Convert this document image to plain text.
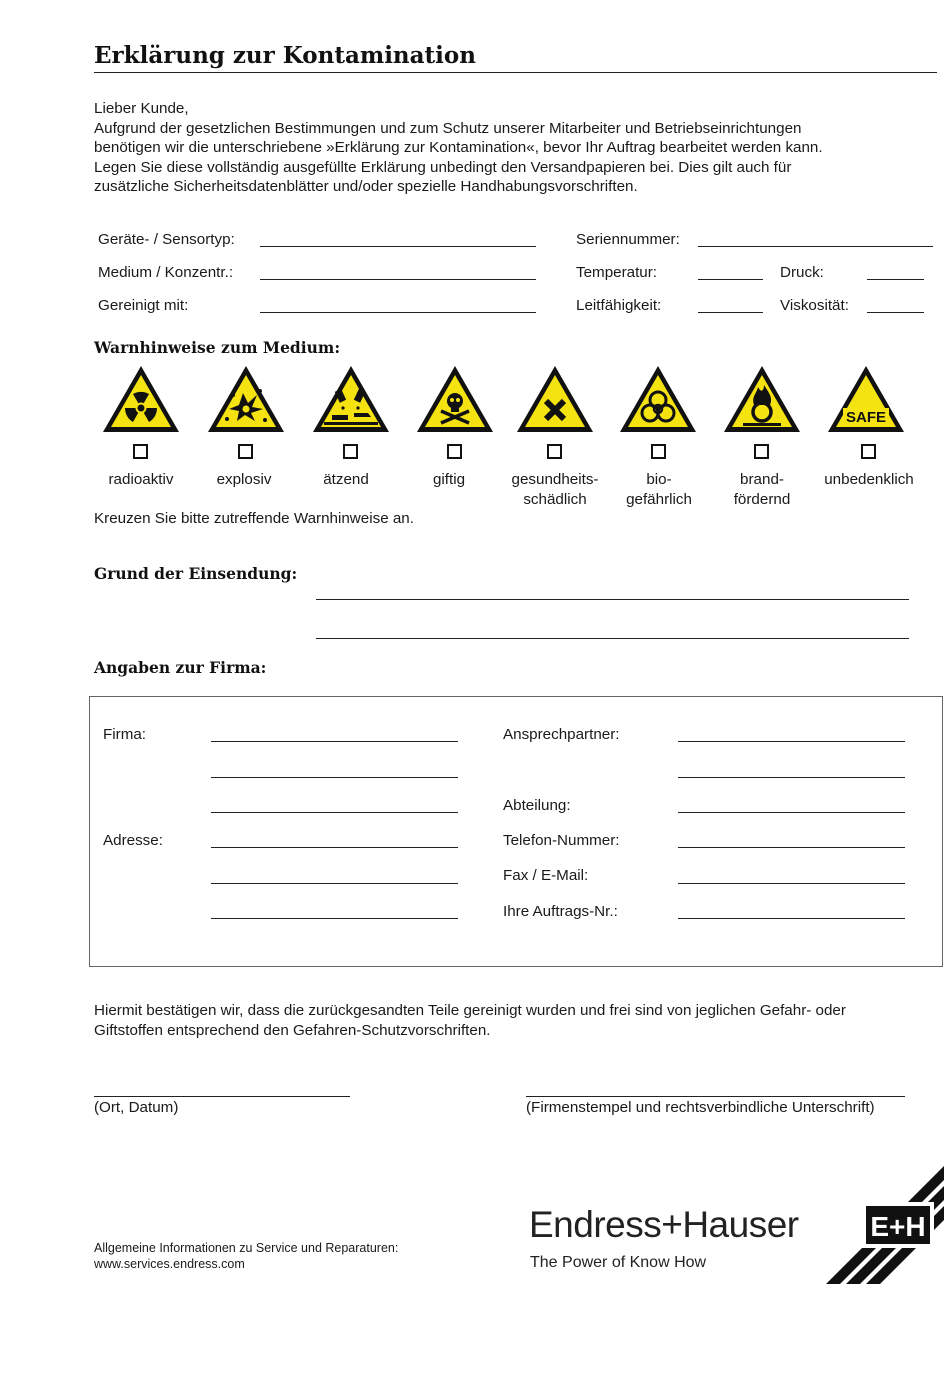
Erklärung zur Kontamination
Lieber Kunde,
Aufgrund der gesetzlichen Bestimmungen und zum Schutz unserer Mitarbeiter und Betriebseinrichtungen
benötigen wir die unterschriebene »Erklärung zur Kontamination«, bevor Ihr Auftrag bearbeitet werden kann.
Legen Sie diese vollständig ausgefüllte Erklärung unbedingt den Versandpapieren bei. Dies gilt auch für
zusätzliche Sicherheitsdatenblätter und/oder spezielle Handhabungsvorschriften.
Geräte- / Sensortyp:	Seriennummer:
Medium / Konzentr.:	Temperatur:	Druck:
Gereinigt mit:	Leitfähigkeit:	Viskosität:
Warnhinweise zum Medium:
SAFE
radioaktiv	explosiv	ätzend	giftig	gesundheits-
schädlich
bio-
gefährlich
brand-
fördernd
unbedenklich
Kreuzen Sie bitte zutreffende Warnhinweise an.
Grund der Einsendung:
Angaben zur Firma:
Firma:
Adresse:
Ansprechpartner:
Abteilung:
Telefon-Nummer:
Fax / E-Mail:
Ihre Auftrags-Nr.:
Hiermit bestätigen wir, dass die zurückgesandten Teile gereinigt wurden und frei sind von jeglichen Gefahr- oder
Giftstoffen entsprechend den Gefahren-Schutzvorschriften.
(Ort, Datum)	(Firmenstempel und rechtsverbindliche Unterschrift)
Allgemeine Informationen zu Service und Reparaturen:
www.services.endress.com
Endress+Hauser
The Power of Know How
E+H
